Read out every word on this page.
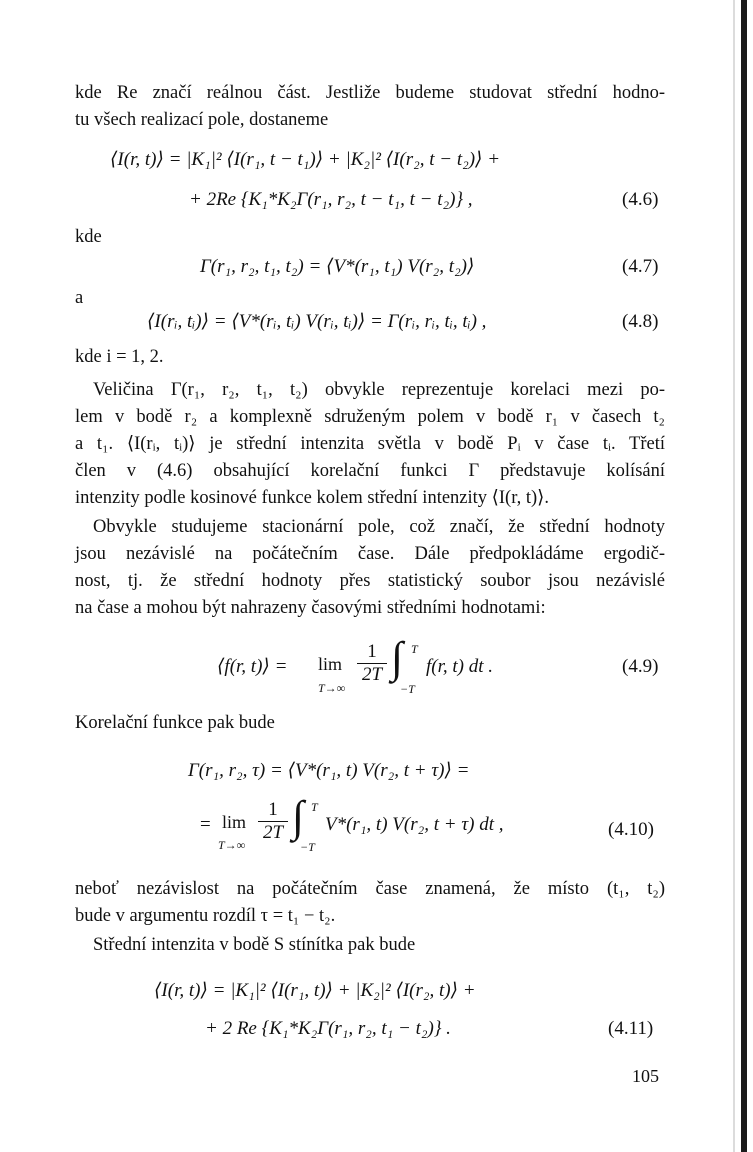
kde Re značí reálnou část. Jestliže budeme studovat střední hodno-
tu všech realizací pole, dostaneme
⟨I(r, t)⟩ = |K₁|² ⟨I(r₁, t − t₁)⟩ + |K₂|² ⟨I(r₂, t − t₂)⟩ +
+ 2Re {K₁*K₂Γ(r₁, r₂, t − t₁, t − t₂)} ,	(4.6)
kde
Γ(r₁, r₂, t₁, t₂) = ⟨V*(r₁, t₁) V(r₂, t₂)⟩	(4.7)
a
⟨I(rᵢ, tᵢ)⟩ = ⟨V*(rᵢ, tᵢ) V(rᵢ, tᵢ)⟩ = Γ(rᵢ, rᵢ, tᵢ, tᵢ) ,	(4.8)
kde i = 1, 2.
Veličina Γ(r₁, r₂, t₁, t₂) obvykle reprezentuje korelaci mezi po-
lem v bodě r₂ a komplexně sdruženým polem v bodě r₁ v časech t₂
a t₁. ⟨I(rᵢ, tᵢ)⟩ je střední intenzita světla v bodě Pᵢ v čase tᵢ. Třetí
člen v (4.6) obsahující korelační funkci Γ představuje kolísání
intenzity podle kosinové funkce kolem střední intenzity ⟨I(r, t)⟩.
Obvykle studujeme stacionární pole, což značí, že střední hodnoty
jsou nezávislé na počátečním čase. Dále předpokládáme ergodič-
nost, tj. že střední hodnoty přes statistický soubor jsou nezávislé
na čase a mohou být nahrazeny časovými středními hodnotami:
⟨f(r, t)⟩ = lim
T→∞
$\frac{1}{2T}$ ∫ T
−T
f(r, t) dt .	(4.9)
Korelační funkce pak bude
Γ(r₁, r₂, τ) = ⟨V*(r₁, t) V(r₂, t + τ)⟩ =
= lim
T→∞
$\frac{1}{2T}$ ∫ T
−T
V*(r₁, t) V(r₂, t + τ) dt ,	(4.10)
neboť nezávislost na počátečním čase znamená, že místo (t₁, t₂)
bude v argumentu rozdíl τ = t₁ − t₂.
Střední intenzita v bodě S stínítka pak bude
⟨I(r, t)⟩ = |K₁|² ⟨I(r₁, t)⟩ + |K₂|² ⟨I(r₂, t)⟩ +
+ 2 Re {K₁*K₂Γ(r₁, r₂, t₁ − t₂)} .	(4.11)
105
